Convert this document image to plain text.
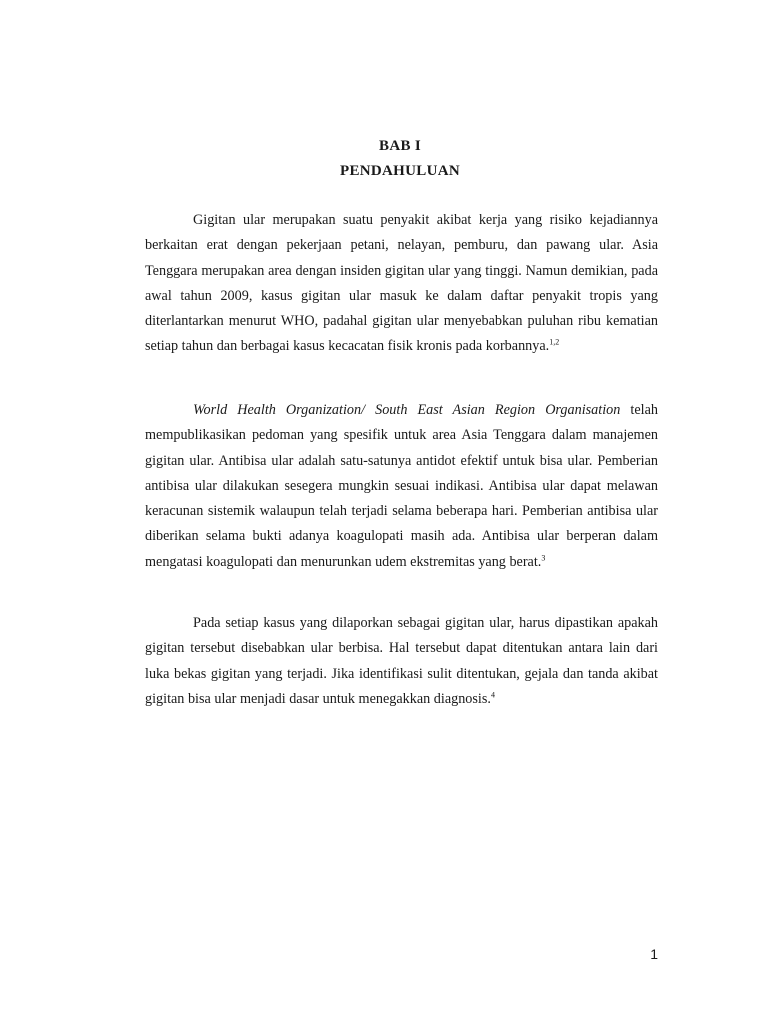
BAB I
PENDAHULUAN

Gigitan ular merupakan suatu penyakit akibat kerja yang risiko kejadiannya berkaitan erat dengan pekerjaan petani, nelayan, pemburu, dan pawang ular. Asia Tenggara merupakan area dengan insiden gigitan ular yang tinggi. Namun demikian, pada awal tahun 2009, kasus gigitan ular masuk ke dalam daftar penyakit tropis yang diterlantarkan menurut WHO, padahal gigitan ular menyebabkan puluhan ribu kematian setiap tahun dan berbagai kasus kecacatan fisik kronis pada korbannya.$^{1,2}$

World Health Organization/ South East Asian Region Organisation telah mempublikasikan pedoman yang spesifik untuk area Asia Tenggara dalam manajemen gigitan ular. Antibisa ular adalah satu-satunya antidot efektif untuk bisa ular. Pemberian antibisa ular dilakukan sesegera mungkin sesuai indikasi. Antibisa ular dapat melawan keracunan sistemik walaupun telah terjadi selama beberapa hari. Pemberian antibisa ular diberikan selama bukti adanya koagulopati masih ada. Antibisa ular berperan dalam mengatasi koagulopati dan menurunkan udem ekstremitas yang berat.$^3$

Pada setiap kasus yang dilaporkan sebagai gigitan ular, harus dipastikan apakah gigitan tersebut disebabkan ular berbisa. Hal tersebut dapat ditentukan antara lain dari luka bekas gigitan yang terjadi. Jika identifikasi sulit ditentukan, gejala dan tanda akibat gigitan bisa ular menjadi dasar untuk menegakkan diagnosis.$^4$

1
